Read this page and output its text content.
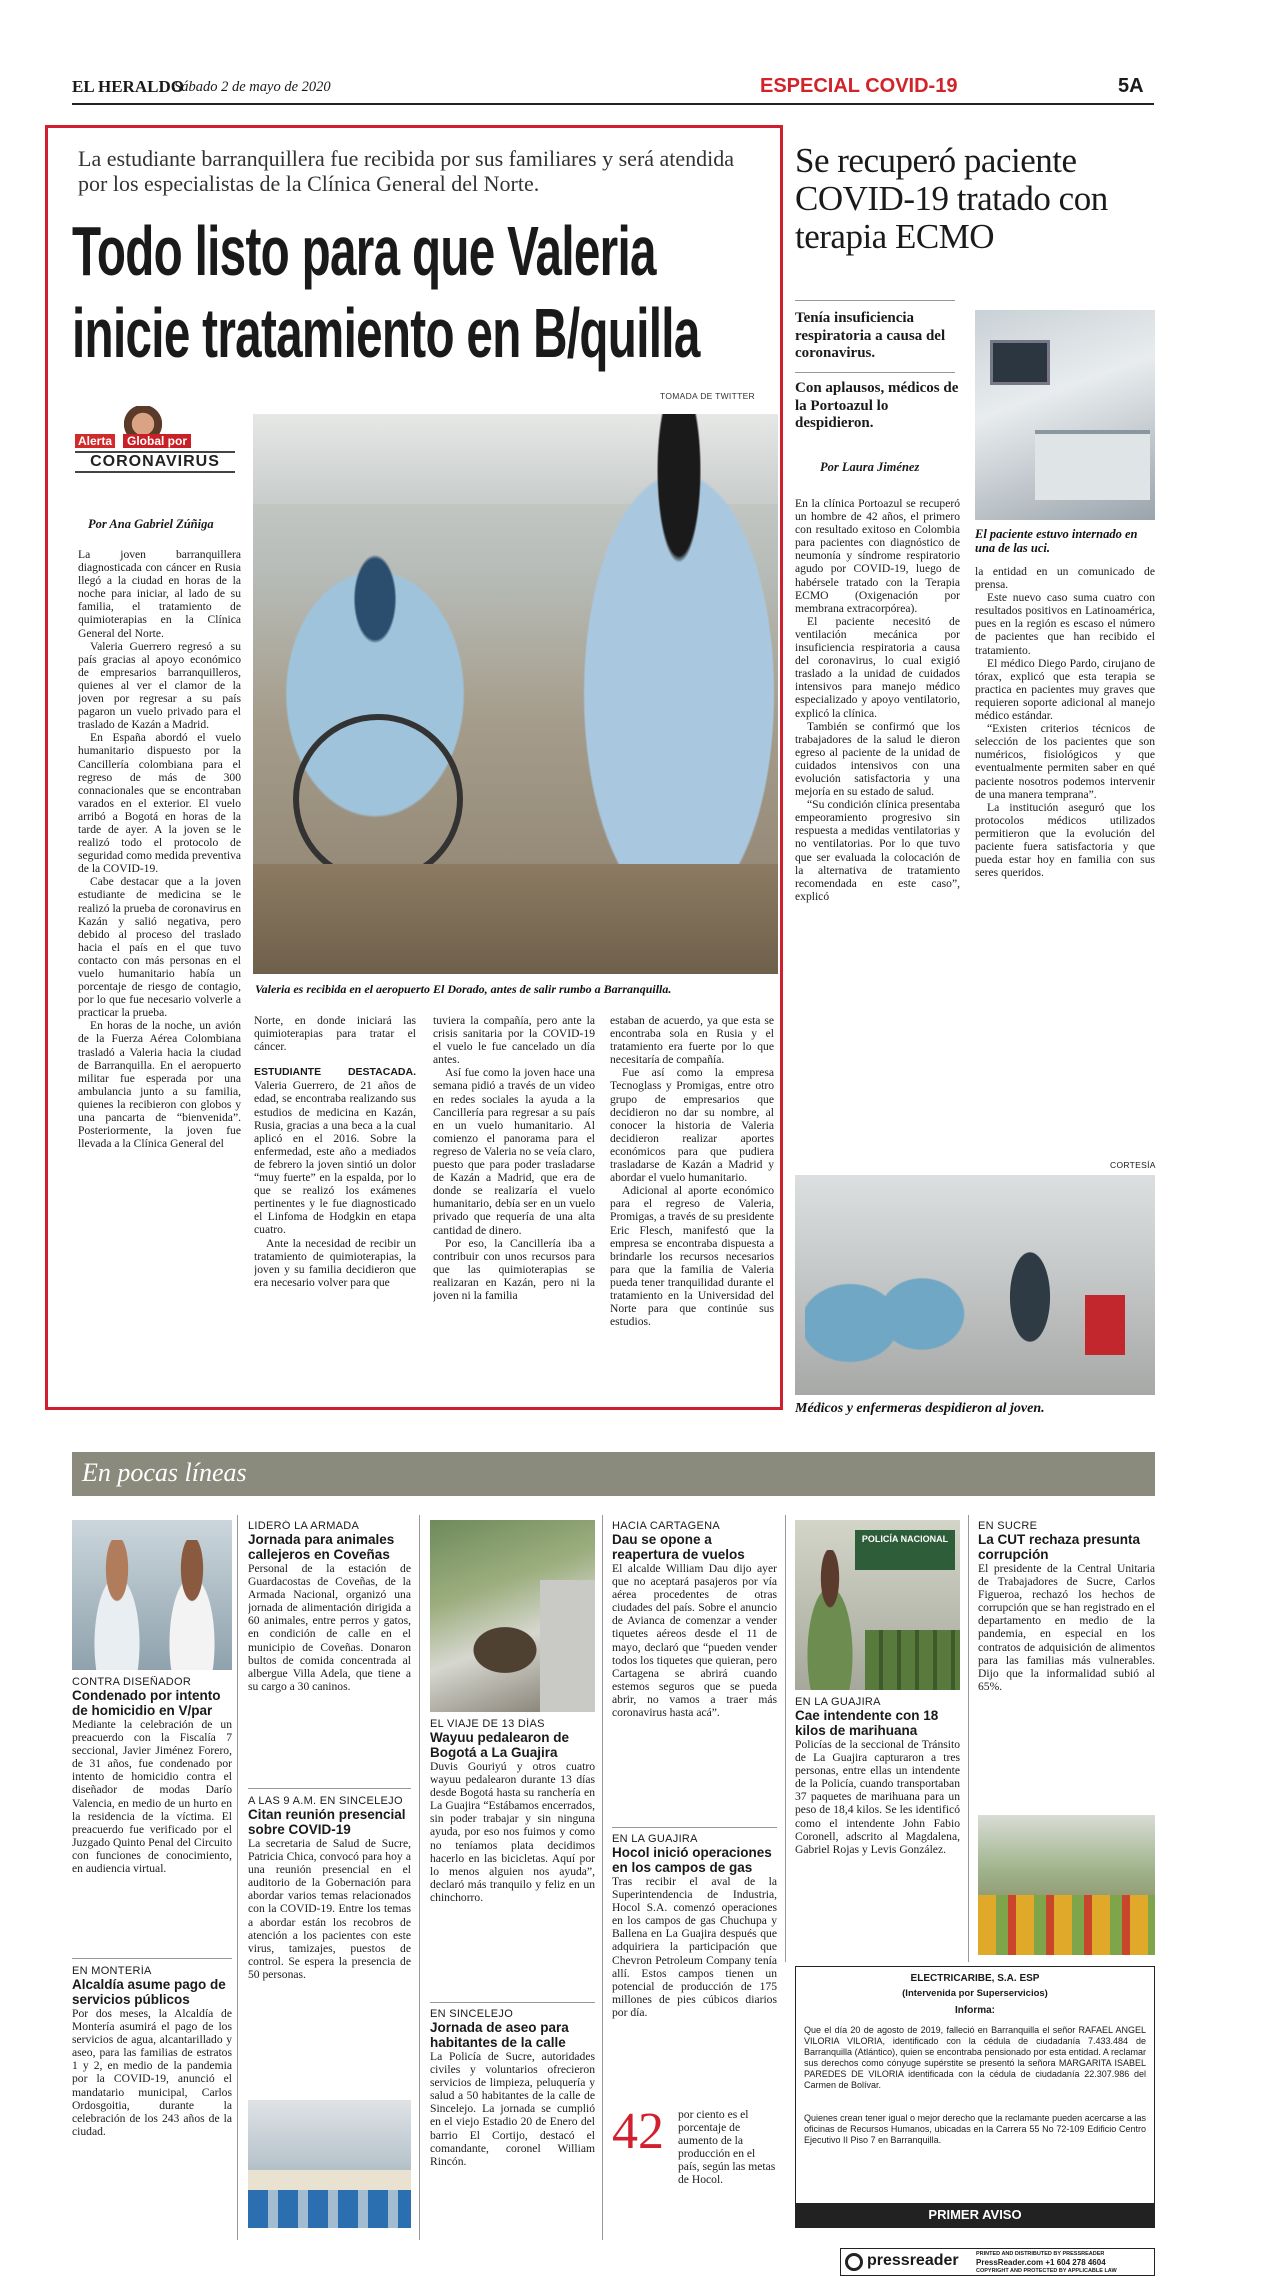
EL HERALDO
Sábado 2 de mayo de 2020	ESPECIAL COVID-19	5A
La estudiante barranquillera fue recibida por sus familiares y será atendida por los especialistas de la Clínica General del Norte.
Todo listo para que Valeria
inicie tratamiento en B/quilla
TOMADA DE TWITTER
Alerta	Global por
CORONAVIRUS
Por Ana Gabriel Zúñiga
Valeria es recibida en el aeropuerto El Dorado, antes de salir rumbo a Barranquilla.

La joven barranquillera diagnosticada con cáncer en Rusia llegó a la ciudad en horas de la noche para iniciar, al lado de su familia, el tratamiento de quimioterapias en la Clínica General del Norte.

Valeria Guerrero regresó a su país gracias al apoyo económico de empresarios barranquilleros, quienes al ver el clamor de la joven por regresar a su país pagaron un vuelo privado para el traslado de Kazán a Madrid.

En España abordó el vuelo humanitario dispuesto por la Cancillería colombiana para el regreso de más de 300 connacionales que se encontraban varados en el exterior. El vuelo arribó a Bogotá en horas de la tarde de ayer. A la joven se le realizó todo el protocolo de seguridad como medida preventiva de la COVID-19.

Cabe destacar que a la joven estudiante de medicina se le realizó la prueba de coronavirus en Kazán y salió negativa, pero debido al proceso del traslado hacia el país en el que tuvo contacto con más personas en el vuelo humanitario había un porcentaje de riesgo de contagio, por lo que fue necesario volverle a practicar la prueba.

En horas de la noche, un avión de la Fuerza Aérea Colombiana trasladó a Valeria hacia la ciudad de Barranquilla. En el aeropuerto militar fue esperada por una ambulancia junto a su familia, quienes la recibieron con globos y una pancarta de “bienvenida”. Posteriormente, la joven fue llevada a la Clínica General del

Norte, en donde iniciará las quimioterapias para tratar el cáncer.

ESTUDIANTE DESTACADA. Valeria Guerrero, de 21 años de edad, se encontraba realizando sus estudios de medicina en Kazán, Rusia, gracias a una beca a la cual aplicó en el 2016. Sobre la enfermedad, este año a mediados de febrero la joven sintió un dolor “muy fuerte” en la espalda, por lo que se realizó los exámenes pertinentes y le fue diagnosticado el Linfoma de Hodgkin en etapa cuatro.

Ante la necesidad de recibir un tratamiento de quimioterapias, la joven y su familia decidieron que era necesario volver para que

tuviera la compañía, pero ante la crisis sanitaria por la COVID-19 el vuelo le fue cancelado un día antes.

Así fue como la joven hace una semana pidió a través de un video en redes sociales la ayuda a la Cancillería para regresar a su país en un vuelo humanitario. Al comienzo el panorama para el regreso de Valeria no se veía claro, puesto que para poder trasladarse de Kazán a Madrid, que era de donde se realizaría el vuelo humanitario, debía ser en un vuelo privado que requería de una alta cantidad de dinero.

Por eso, la Cancillería iba a contribuir con unos recursos para que las quimioterapias se realizaran en Kazán, pero ni la joven ni la familia

estaban de acuerdo, ya que esta se encontraba sola en Rusia y el tratamiento era fuerte por lo que necesitaría de compañía.

Fue así como la empresa Tecnoglass y Promigas, entre otro grupo de empresarios que decidieron no dar su nombre, al conocer la historia de Valeria decidieron realizar aportes económicos para que pudiera trasladarse de Kazán a Madrid y abordar el vuelo humanitario.

Adicional al aporte económico para el regreso de Valeria, Promigas, a través de su presidente Eric Flesch, manifestó que la empresa se encontraba dispuesta a brindarle los recursos necesarios para que la familia de Valeria pueda tener tranquilidad durante el tratamiento en la Universidad del Norte para que continúe sus estudios.

Se recuperó paciente COVID-19 tratado con terapia ECMO
Tenía insuficiencia respiratoria a causa del coronavirus.
Con aplausos, médicos de la Portoazul lo despidieron.
Por Laura Jiménez
El paciente estuvo internado en una de las uci.

En la clínica Portoazul se recuperó un hombre de 42 años, el primero con resultado exitoso en Colombia para pacientes con diagnóstico de neumonía y síndrome respiratorio agudo por COVID-19, luego de habérsele tratado con la Terapia ECMO (Oxigenación por membrana extracorpórea).

El paciente necesitó de ventilación mecánica por insuficiencia respiratoria a causa del coronavirus, lo cual exigió traslado a la unidad de cuidados intensivos para manejo médico especializado y apoyo ventilatorio, explicó la clínica.

También se confirmó que los trabajadores de la salud le dieron egreso al paciente de la unidad de cuidados intensivos con una evolución satisfactoria y una mejoría en su estado de salud.

“Su condición clínica presentaba empeoramiento progresivo sin respuesta a medidas ventilatorias y no ventilatorias. Por lo que tuvo que ser evaluada la colocación de la alternativa de tratamiento recomendada en este caso”, explicó

la entidad en un comunicado de prensa.

Este nuevo caso suma cuatro con resultados positivos en Latinoamérica, pues en la región es escaso el número de pacientes que han recibido el tratamiento.

El médico Diego Pardo, cirujano de tórax, explicó que esta terapia se practica en pacientes muy graves que requieren soporte adicional al manejo médico estándar.

“Existen criterios técnicos de selección de los pacientes que son numéricos, fisiológicos y que eventualmente permiten saber en qué paciente nosotros podemos intervenir de una manera temprana”.

La institución aseguró que los protocolos médicos utilizados permitieron que la evolución del paciente fuera satisfactoria y que pueda estar hoy en familia con sus seres queridos.

CORTESÍA
Médicos y enfermeras despidieron al joven.
En pocas líneas
CONTRA DISEÑADOR
Condenado por intento de homicidio en V/par
Mediante la celebración de un preacuerdo con la Fiscalía 7 seccional, Javier Jiménez Forero, de 31 años, fue condenado por intento de homicidio contra el diseñador de modas Darío Valencia, en medio de un hurto en la residencia de la víctima. El preacuerdo fue verificado por el Juzgado Quinto Penal del Circuito con funciones de conocimiento, en audiencia virtual.
EN MONTERÍA
Alcaldía asume pago de servicios públicos
Por dos meses, la Alcaldía de Montería asumirá el pago de los servicios de agua, alcantarillado y aseo, para las familias de estratos 1 y 2, en medio de la pandemia por la COVID-19, anunció el mandatario municipal, Carlos Ordosgoitia, durante la celebración de los 243 años de la ciudad.
LIDERÓ LA ARMADA
Jornada para animales callejeros en Coveñas
Personal de la estación de Guardacostas de Coveñas, de la Armada Nacional, organizó una jornada de alimentación dirigida a 60 animales, entre perros y gatos, en condición de calle en el municipio de Coveñas. Donaron bultos de comida concentrada al albergue Villa Adela, que tiene a su cargo a 30 caninos.
A LAS 9 A.M. EN SINCELEJO
Citan reunión presencial sobre COVID-19
La secretaria de Salud de Sucre, Patricia Chica, convocó para hoy a una reunión presencial en el auditorio de la Gobernación para abordar varios temas relacionados con la COVID-19. Entre los temas a abordar están los recobros de atención a los pacientes con este virus, tamizajes, puestos de control. Se espera la presencia de 50 personas.
EL VIAJE DE 13 DÍAS
Wayuu pedalearon de Bogotá a La Guajira
Duvis Gouriyú y otros cuatro wayuu pedalearon durante 13 días desde Bogotá hasta su ranchería en La Guajira “Estábamos encerrados, sin poder trabajar y sin ninguna ayuda, por eso nos fuimos y como no teníamos plata decidimos hacerlo en las bicicletas. Aquí por lo menos alguien nos ayuda”, declaró más tranquilo y feliz en un chinchorro.
EN SINCELEJO
Jornada de aseo para habitantes de la calle
La Policía de Sucre, autoridades civiles y voluntarios ofrecieron servicios de limpieza, peluquería y salud a 50 habitantes de la calle de Sincelejo. La jornada se cumplió en el viejo Estadio 20 de Enero del barrio El Cortijo, destacó el comandante, coronel William Rincón.
HACIA CARTAGENA
Dau se opone a reapertura de vuelos
El alcalde William Dau dijo ayer que no aceptará pasajeros por vía aérea procedentes de otras ciudades del país. Sobre el anuncio de Avianca de comenzar a vender tiquetes aéreos desde el 11 de mayo, declaró que “pueden vender todos los tiquetes que quieran, pero Cartagena se abrirá cuando estemos seguros que se pueda abrir, no vamos a traer más coronavirus hasta acá”.
EN LA GUAJIRA
Hocol inició operaciones en los campos de gas
Tras recibir el aval de la Superintendencia de Industria, Hocol S.A. comenzó operaciones en los campos de gas Chuchupa y Ballena en La Guajira después que adquiriera la participación que Chevron Petroleum Company tenía allí. Estos campos tienen un potencial de producción de 175 millones de pies cúbicos diarios por día.
42 por ciento es el porcentaje de aumento de la producción en el país, según las metas de Hocol.
POLICÍA NACIONAL
EN LA GUAJIRA
Cae intendente con 18 kilos de marihuana
Policías de la seccional de Tránsito de La Guajira capturaron a tres personas, entre ellas un intendente de la Policía, cuando transportaban 37 paquetes de marihuana para un peso de 18,4 kilos. Se les identificó como el intendente John Fabio Coronell, adscrito al Magdalena, Gabriel Rojas y Levis González.
EN SUCRE
La CUT rechaza presunta corrupción
El presidente de la Central Unitaria de Trabajadores de Sucre, Carlos Figueroa, rechazó los hechos de corrupción que se han registrado en el departamento en medio de la pandemia, en especial en los contratos de adquisición de alimentos para las familias más vulnerables. Dijo que la informalidad subió al 65%.
ELECTRICARIBE, S.A. ESP
(Intervenida por Superservicios)
Informa:
Que el día 20 de agosto de 2019, falleció en Barranquilla el señor RAFAEL ANGEL VILORIA VILORIA, identificado con la cédula de ciudadanía 7.433.484 de Barranquilla (Atlántico), quien se encontraba pensionado por esta entidad. A reclamar sus derechos como cónyuge supérstite se presentó la señora MARGARITA ISABEL PAREDES DE VILORIA identificada con la cédula de ciudadanía 22.307.986 del Carmen de Bolívar.
Quienes crean tener igual o mejor derecho que la reclamante pueden acercarse a las oficinas de Recursos Humanos, ubicadas en la Carrera 55 No 72-109 Edificio Centro Ejecutivo II Piso 7 en Barranquilla.
PRIMER AVISO
pressreader	PRINTED AND DISTRIBUTED BY PRESSREADER
PressReader.com +1 604 278 4604
COPYRIGHT AND PROTECTED BY APPLICABLE LAW
